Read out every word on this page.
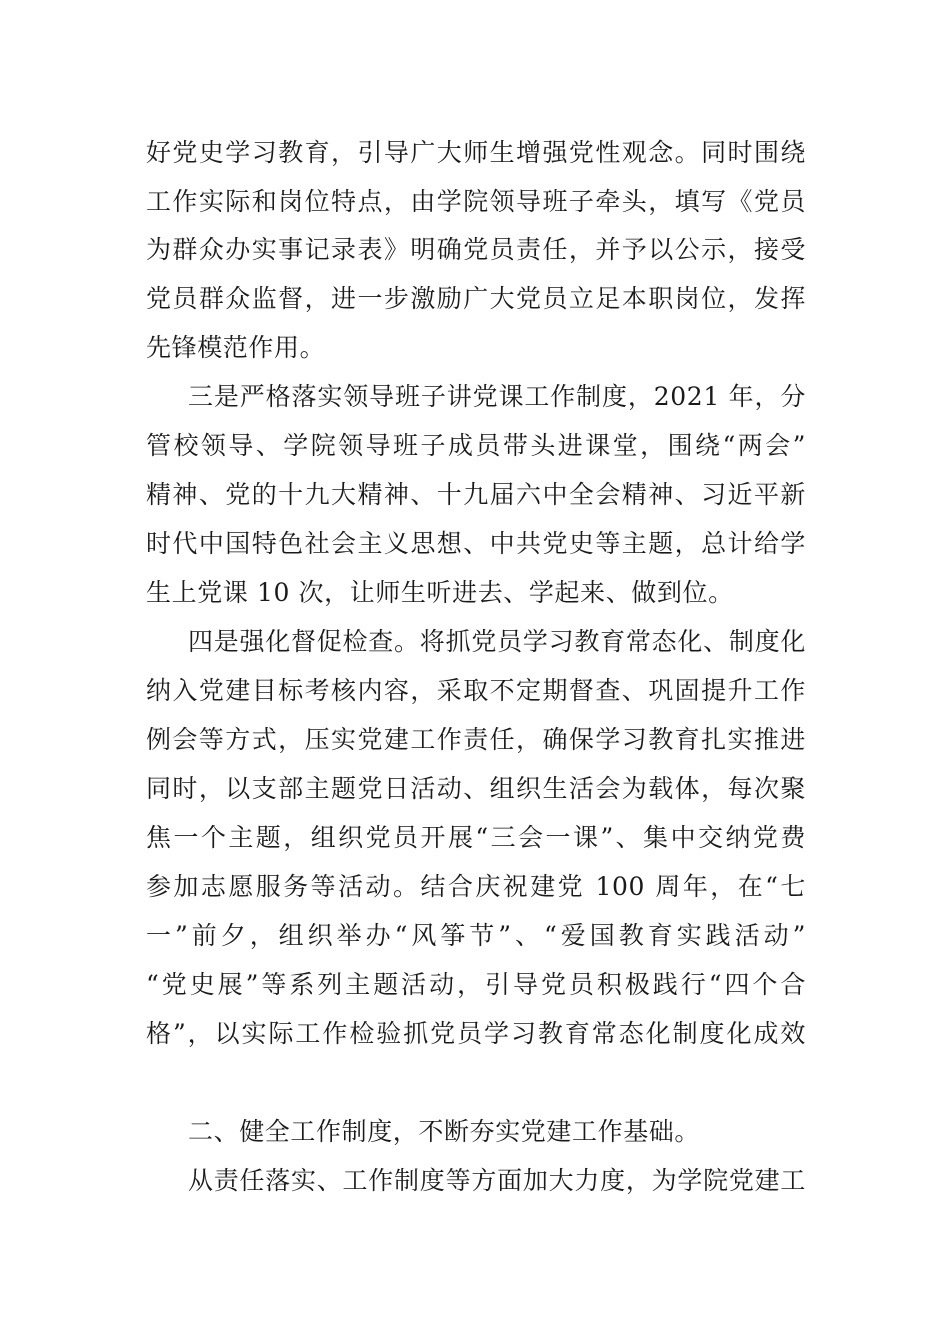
好党史学习教育，引导广大师生增强党性观念。同时围绕
工作实际和岗位特点，由学院领导班子牵头，填写《党员
为群众办实事记录表》明确党员责任，并予以公示，接受
党员群众监督，进一步激励广大党员立足本职岗位，发挥
先锋模范作用。
三是严格落实领导班子讲党课工作制度，2021 年，分
管校领导、学院领导班子成员带头进课堂，围绕“两会”
精神、党的十九大精神、十九届六中全会精神、习近平新
时代中国特色社会主义思想、中共党史等主题，总计给学
生上党课 10 次，让师生听进去、学起来、做到位。
四是强化督促检查。将抓党员学习教育常态化、制度化
纳入党建目标考核内容，采取不定期督查、巩固提升工作
例会等方式，压实党建工作责任，确保学习教育扎实推进
同时，以支部主题党日活动、组织生活会为载体，每次聚
焦一个主题，组织党员开展“三会一课”、集中交纳党费
参加志愿服务等活动。结合庆祝建党 100 周年，在“七
一”前夕，组织举办“风筝节”、“爱国教育实践活动”
“党史展”等系列主题活动，引导党员积极践行“四个合
格”，以实际工作检验抓党员学习教育常态化制度化成效
二、健全工作制度，不断夯实党建工作基础。
从责任落实、工作制度等方面加大力度，为学院党建工
